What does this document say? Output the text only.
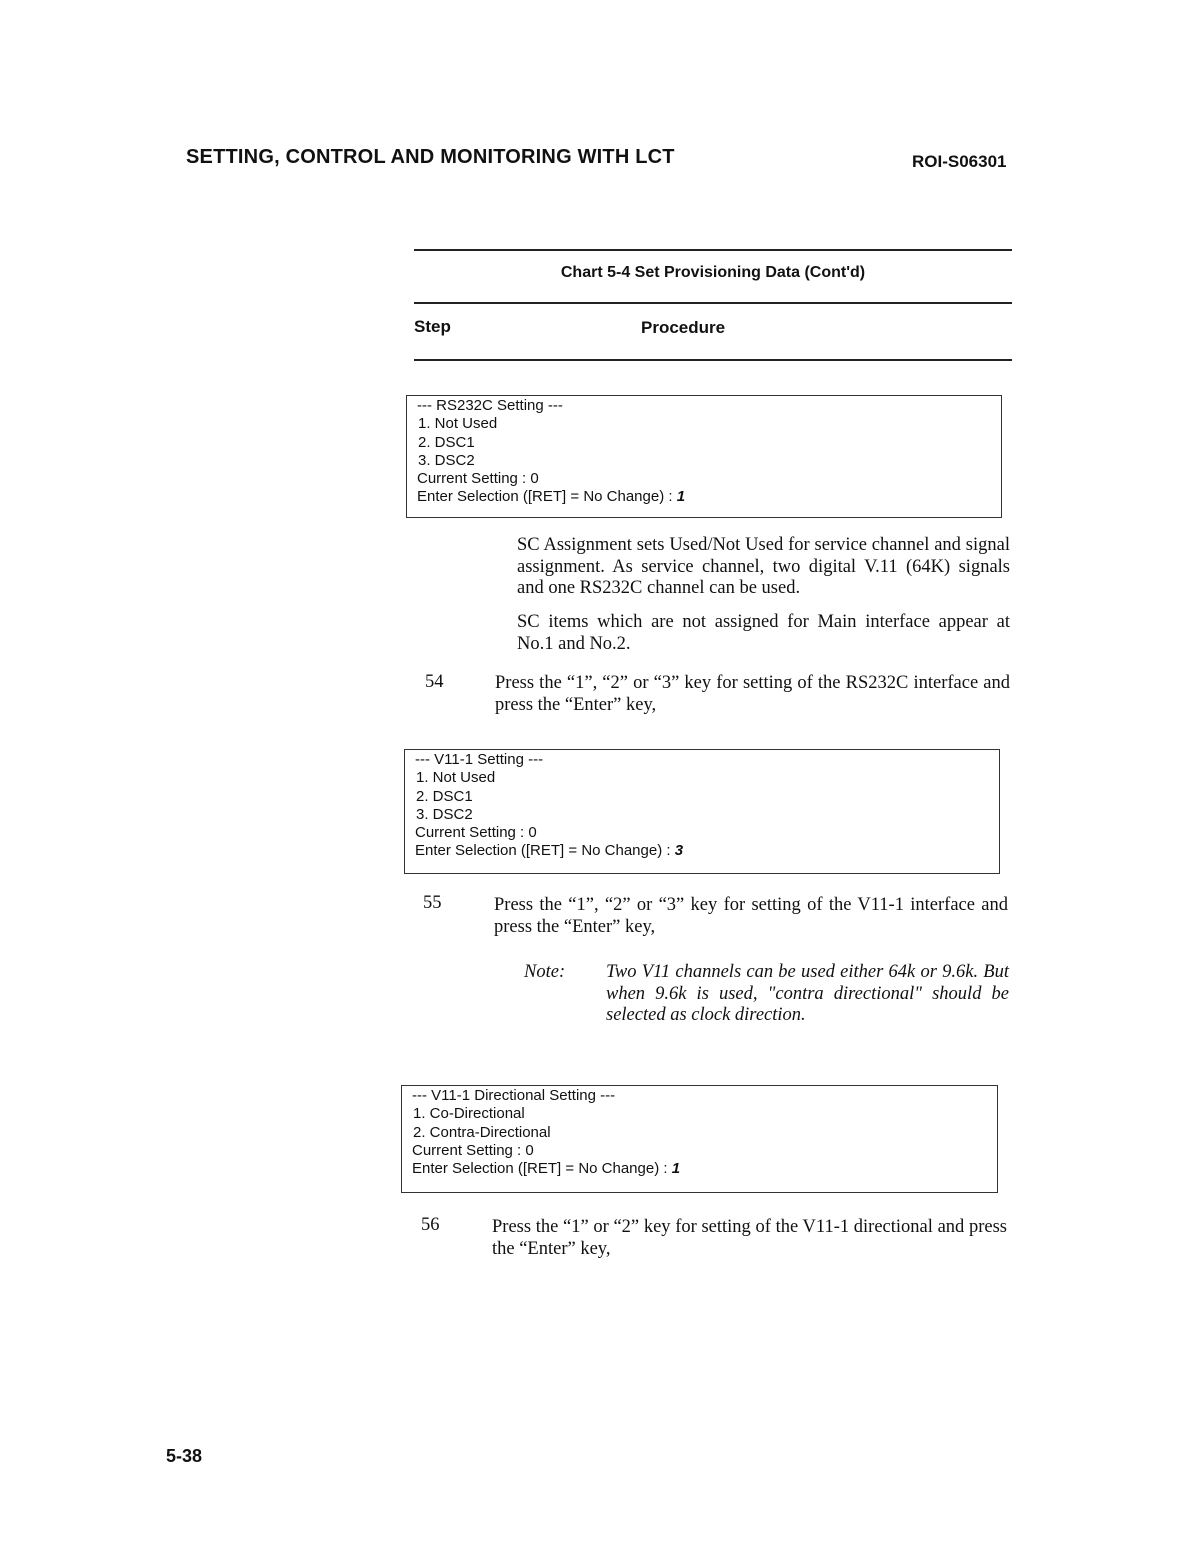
SETTING, CONTROL AND MONITORING WITH LCT	ROI-S06301
Chart 5-4 Set Provisioning Data (Cont'd)
Step	Procedure
--- RS232C Setting ---
1. Not Used
2. DSC1
3. DSC2
Current Setting : 0
Enter Selection ([RET] = No Change) : 1
SC Assignment sets Used/Not Used for service channel and signal assignment. As service channel, two digital V.11 (64K) signals and one RS232C channel can be used.
SC items which are not assigned for Main interface appear at No.1 and No.2.
54	Press the “1”, “2” or “3” key for setting of the RS232C interface and press the “Enter” key,
--- V11-1 Setting ---
1. Not Used
2. DSC1
3. DSC2
Current Setting : 0
Enter Selection ([RET] = No Change) : 3
55	Press the “1”, “2” or “3” key for setting of the V11-1 interface and press the “Enter” key,
Note: Two V11 channels can be used either 64k or 9.6k. But when 9.6k is used, "contra directional" should be selected as clock direction.
--- V11-1 Directional Setting ---
1. Co-Directional
2. Contra-Directional
Current Setting : 0
Enter Selection ([RET] = No Change) : 1
56	Press the “1” or “2” key for setting of the V11-1 directional and press the “Enter” key,
5-38
